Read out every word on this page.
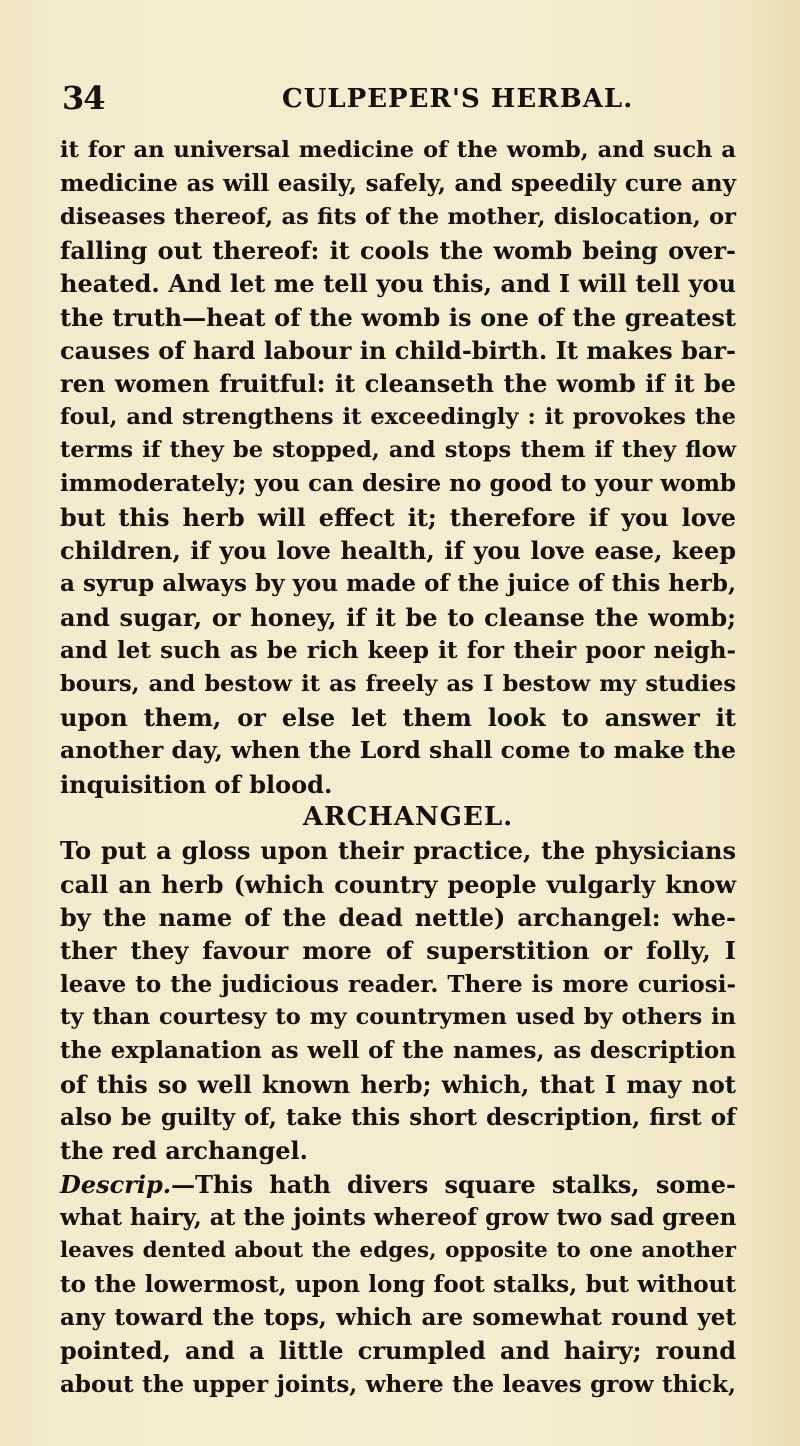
34	CULPEPER'S HERBAL.
it for an universal medicine of the womb, and such a
medicine as will easily, safely, and speedily cure any
diseases thereof, as fits of the mother, dislocation, or
falling out thereof: it cools the womb being over-
heated. And let me tell you this, and I will tell you
the truth—heat of the womb is one of the greatest
causes of hard labour in child-birth. It makes bar-
ren women fruitful: it cleanseth the womb if it be
foul, and strengthens it exceedingly : it provokes the
terms if they be stopped, and stops them if they flow
immoderately; you can desire no good to your womb
but this herb will effect it; therefore if you love
children, if you love health, if you love ease, keep
a syrup always by you made of the juice of this herb,
and sugar, or honey, if it be to cleanse the womb;
and let such as be rich keep it for their poor neigh-
bours, and bestow it as freely as I bestow my studies
upon them, or else let them look to answer it
another day, when the Lord shall come to make the
inquisition of blood.
ARCHANGEL.
To put a gloss upon their practice, the physicians
call an herb (which country people vulgarly know
by the name of the dead nettle) archangel: whe-
ther they favour more of superstition or folly, I
leave to the judicious reader. There is more curiosi-
ty than courtesy to my countrymen used by others in
the explanation as well of the names, as description
of this so well known herb; which, that I may not
also be guilty of, take this short description, first of
the red archangel.
Descrip.—This hath divers square stalks, some-
what hairy, at the joints whereof grow two sad green
leaves dented about the edges, opposite to one another
to the lowermost, upon long foot stalks, but without
any toward the tops, which are somewhat round yet
pointed, and a little crumpled and hairy; round
about the upper joints, where the leaves grow thick,
